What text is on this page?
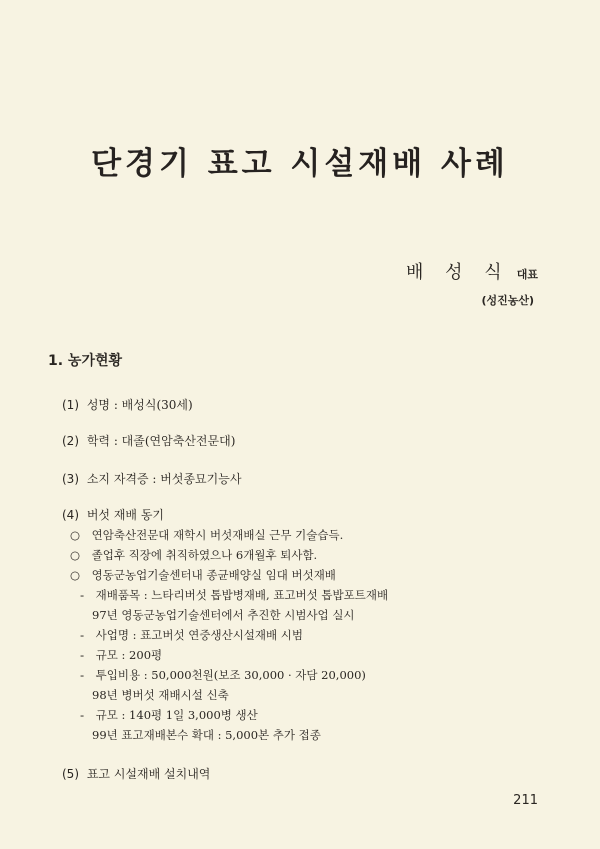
단경기 표고 시설재배 사례
배 성 식 대표
(성진농산)
1. 농가현황
(1) 성명 : 배성식(30세)
(2) 학력 : 대졸(연암축산전문대)
(3) 소지 자격증 : 버섯종묘기능사
(4) 버섯 재배 동기
○ 연암축산전문대 재학시 버섯재배실 근무 기술습득.
○ 졸업후 직장에 취직하였으나 6개월후 퇴사함.
○ 영동군농업기술센터내 종균배양실 임대 버섯재배
- 재배품목 : 느타리버섯 톱밥병재배, 표고버섯 톱밥포트재배
97년 영동군농업기술센터에서 추진한 시범사업 실시
- 사업명 : 표고버섯 연중생산시설재배 시범
- 규모 : 200평
- 투입비용 : 50,000천원(보조 30,000 · 자담 20,000)
98년 병버섯 재배시설 신축
- 규모 : 140평 1일 3,000병 생산
99년 표고재배본수 확대 : 5,000본 추가 접종
(5) 표고 시설재배 설치내역
211
